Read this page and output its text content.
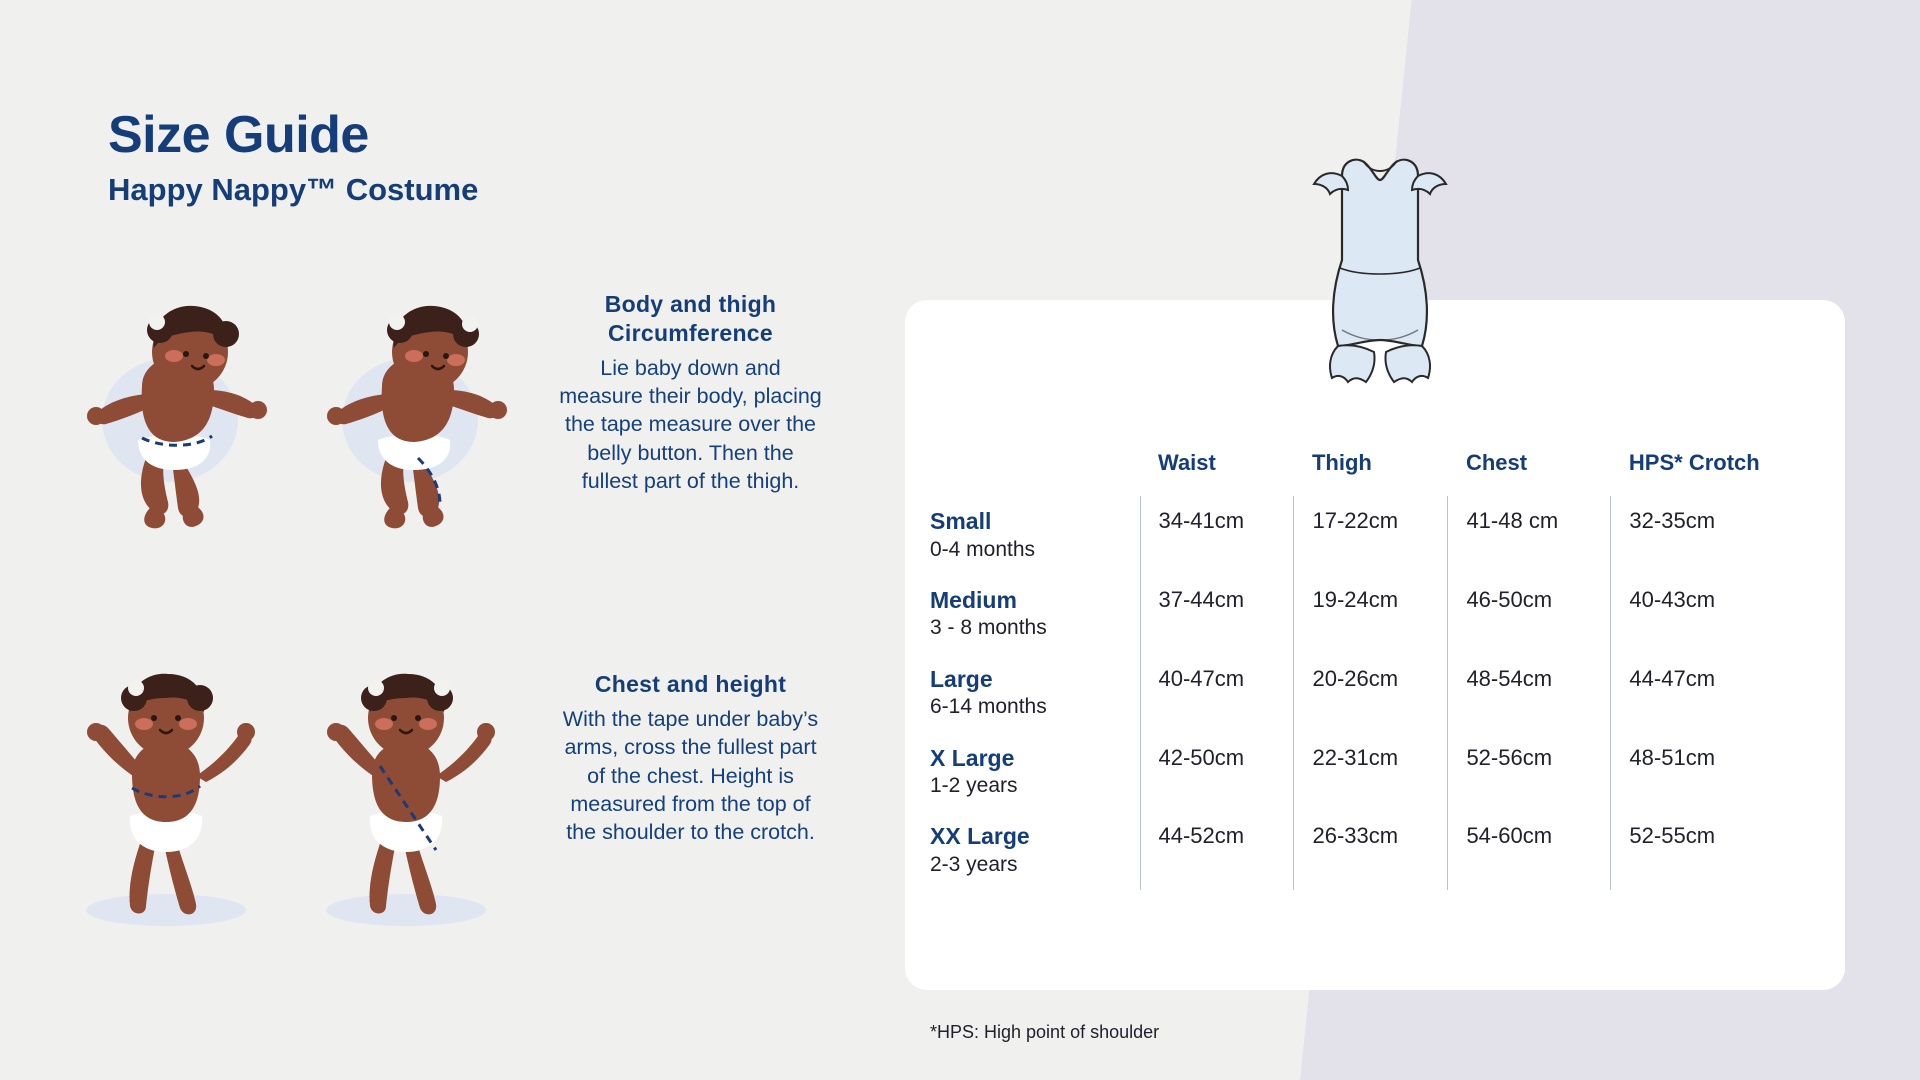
Size Guide
Happy Nappy™ Costume
Body and thigh Circumference
Lie baby down and measure their body, placing the tape measure over the belly button. Then the fullest part of the thigh.
Chest and height
With the tape under baby’s arms, cross the fullest part of the chest. Height is measured from the top of the shoulder to the crotch.
	Waist	Thigh	Chest	HPS* Crotch

Small
0-4 months	34-41cm	17-22cm	41-48 cm	32-35cm

Medium
3 - 8 months	37-44cm	19-24cm	46-50cm	40-43cm

Large
6-14 months	40-47cm	20-26cm	48-54cm	44-47cm

X Large
1-2 years	42-50cm	22-31cm	52-56cm	48-51cm

XX Large
2-3 years	44-52cm	26-33cm	54-60cm	52-55cm
*HPS: High point of shoulder
